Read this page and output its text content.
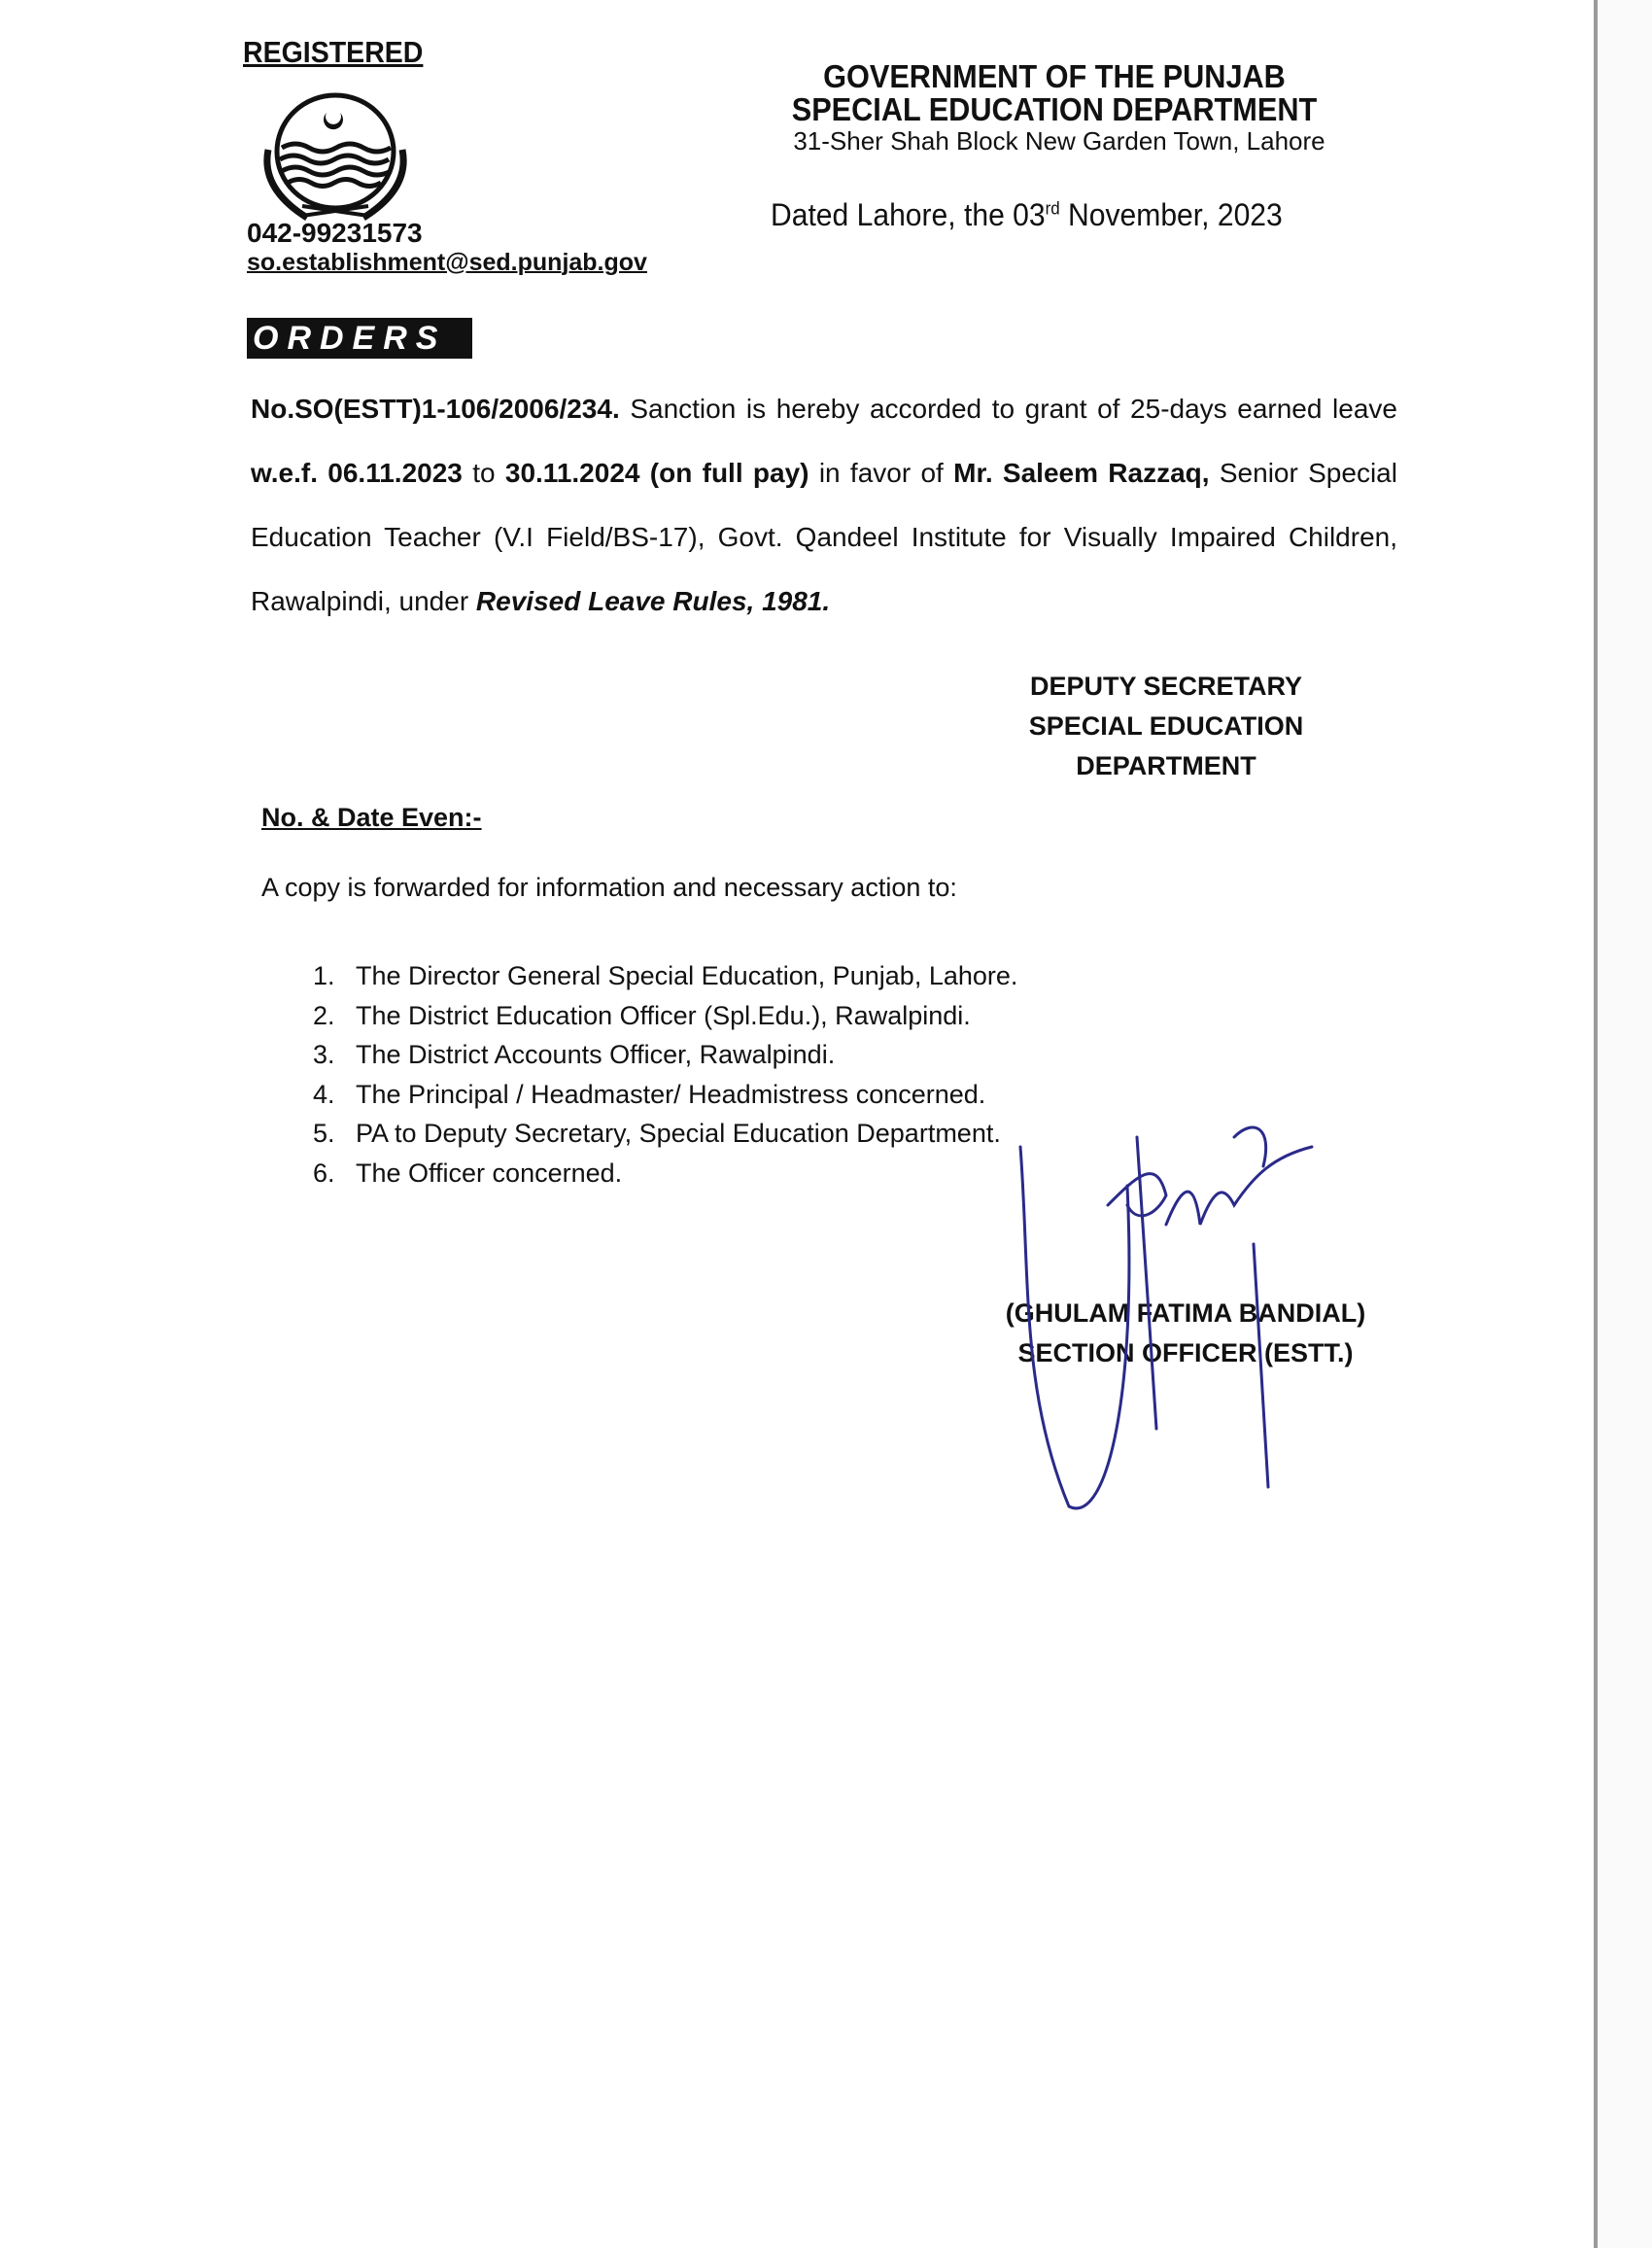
REGISTERED
042-99231573
so.establishment@sed.punjab.gov
GOVERNMENT OF THE PUNJAB
SPECIAL EDUCATION DEPARTMENT
31-Sher Shah Block New Garden Town, Lahore
Dated Lahore, the 03rd November, 2023
ORDERS
No.SO(ESTT)1-106/2006/234. Sanction is hereby accorded to grant of 25-days earned leave w.e.f. 06.11.2023 to 30.11.2024 (on full pay) in favor of Mr. Saleem Razzaq, Senior Special Education Teacher (V.I Field/BS-17), Govt. Qandeel Institute for Visually Impaired Children, Rawalpindi, under Revised Leave Rules, 1981.
DEPUTY SECRETARY
SPECIAL EDUCATION
DEPARTMENT
No. & Date Even:-
A copy is forwarded for information and necessary action to:
1. The Director General Special Education, Punjab, Lahore.
2. The District Education Officer (Spl.Edu.), Rawalpindi.
3. The District Accounts Officer, Rawalpindi.
4. The Principal / Headmaster/ Headmistress concerned.
5. PA to Deputy Secretary, Special Education Department.
6. The Officer concerned.
(GHULAM FATIMA BANDIAL)
SECTION OFFICER (ESTT.)
